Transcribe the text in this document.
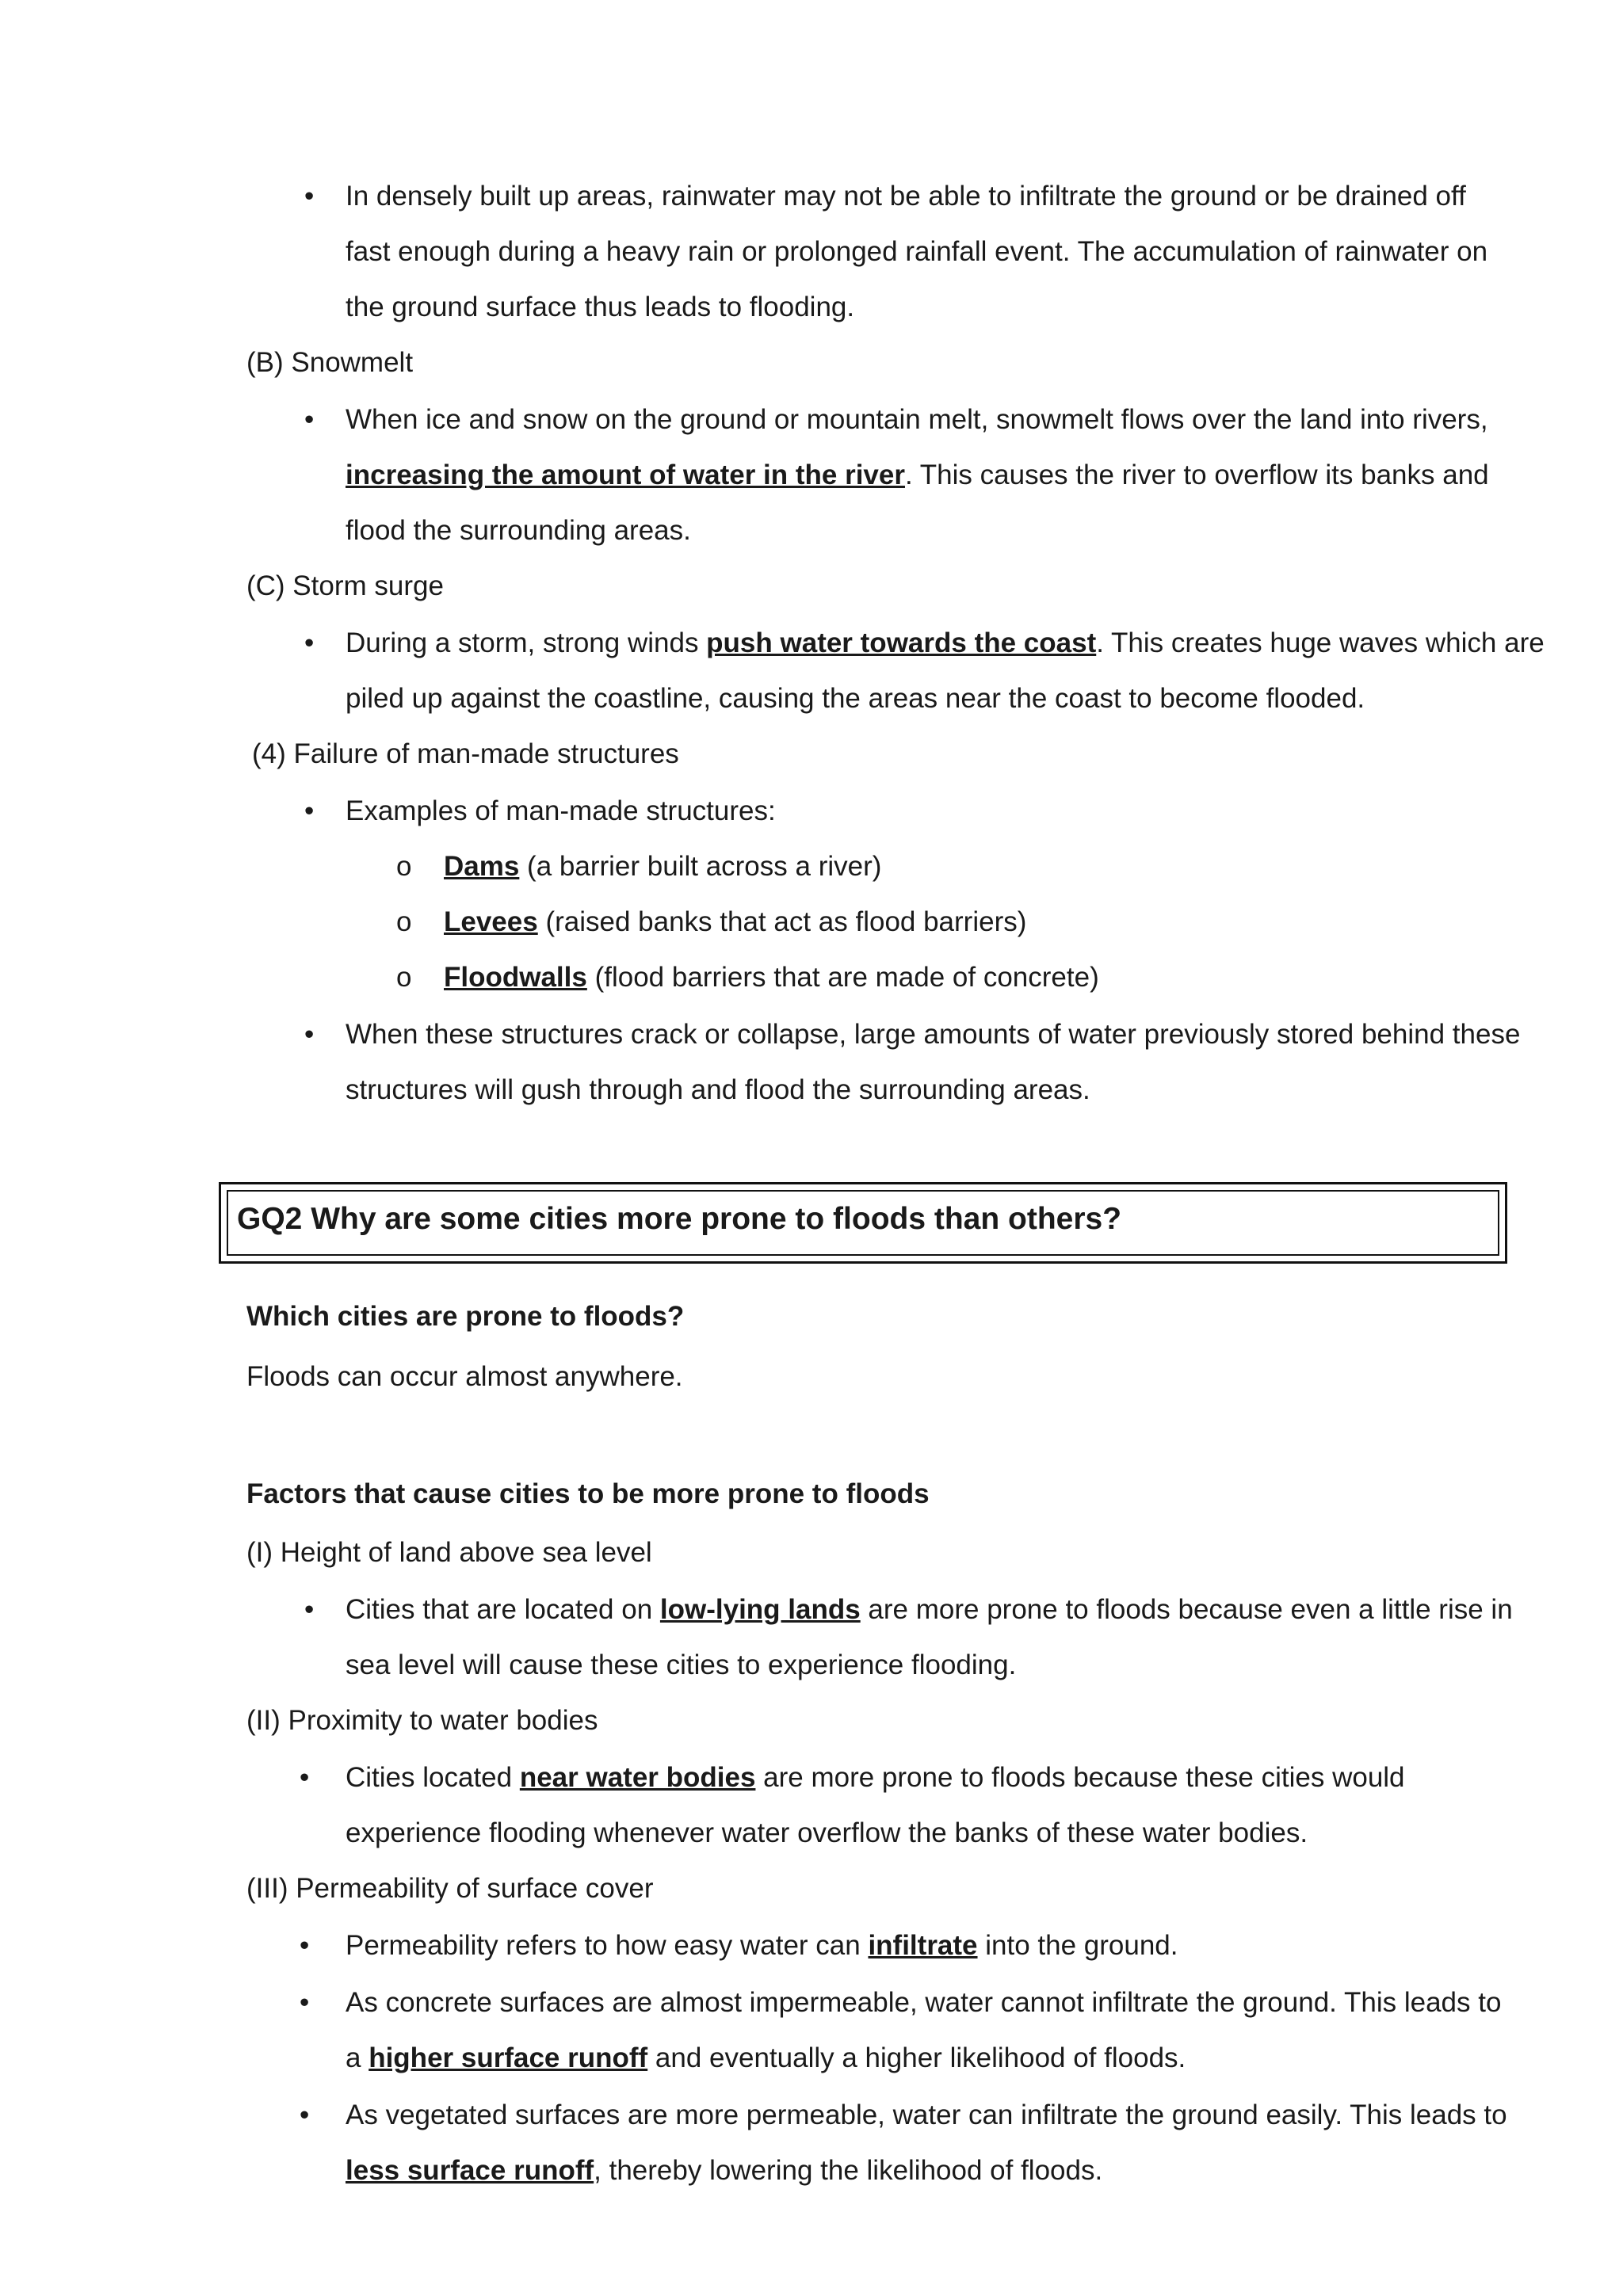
• In densely built up areas, rainwater may not be able to infiltrate the ground or be drained off
fast enough during a heavy rain or prolonged rainfall event. The accumulation of rainwater on
the ground surface thus leads to flooding.
(B) Snowmelt
• When ice and snow on the ground or mountain melt, snowmelt flows over the land into rivers,
increasing the amount of water in the river. This causes the river to overflow its banks and
flood the surrounding areas.
(C) Storm surge
• During a storm, strong winds push water towards the coast. This creates huge waves which are
piled up against the coastline, causing the areas near the coast to become flooded.
(4) Failure of man-made structures
• Examples of man-made structures:
o Dams (a barrier built across a river)
o Levees (raised banks that act as flood barriers)
o Floodwalls (flood barriers that are made of concrete)
• When these structures crack or collapse, large amounts of water previously stored behind these
structures will gush through and flood the surrounding areas.
GQ2 Why are some cities more prone to floods than others?
Which cities are prone to floods?
Floods can occur almost anywhere.
Factors that cause cities to be more prone to floods
(I) Height of land above sea level
• Cities that are located on low-lying lands are more prone to floods because even a little rise in
sea level will cause these cities to experience flooding.
(II) Proximity to water bodies
• Cities located near water bodies are more prone to floods because these cities would
experience flooding whenever water overflow the banks of these water bodies.
(III) Permeability of surface cover
• Permeability refers to how easy water can infiltrate into the ground.
• As concrete surfaces are almost impermeable, water cannot infiltrate the ground. This leads to
a higher surface runoff and eventually a higher likelihood of floods.
• As vegetated surfaces are more permeable, water can infiltrate the ground easily. This leads to
less surface runoff, thereby lowering the likelihood of floods.
